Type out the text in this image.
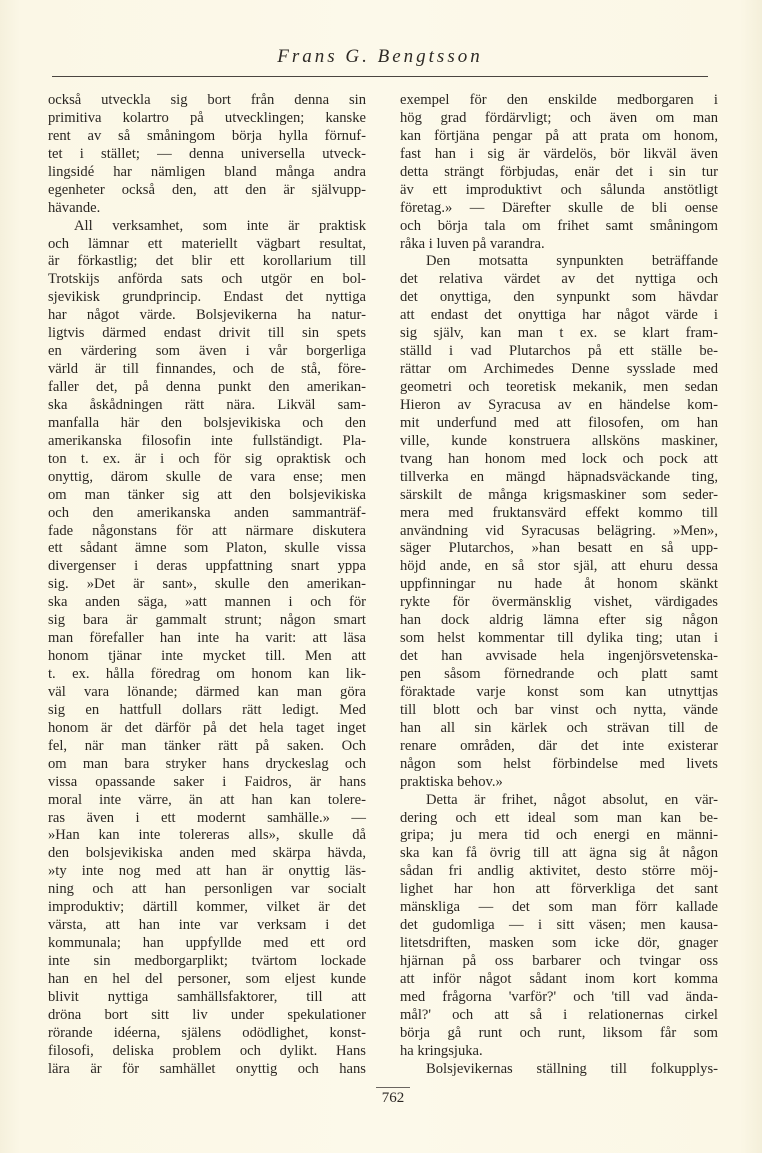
Frans G. Bengtsson
också utveckla sig bort från denna sin
primitiva kolartro på utvecklingen; kanske
rent av så småningom börja hylla förnuf-
tet i stället; — denna universella utveck-
lingsidé har nämligen bland många andra
egenheter också den, att den är självupp-
hävande.
All verksamhet, som inte är praktisk
och lämnar ett materiellt vägbart resultat,
är förkastlig; det blir ett korollarium till
Trotskijs anförda sats och utgör en bol-
sjevikisk grundprincip. Endast det nyttiga
har något värde. Bolsjevikerna ha natur-
ligtvis därmed endast drivit till sin spets
en värdering som även i vår borgerliga
värld är till finnandes, och de stå, före-
faller det, på denna punkt den amerikan-
ska åskådningen rätt nära. Likväl sam-
manfalla här den bolsjevikiska och den
amerikanska filosofin inte fullständigt. Pla-
ton t. ex. är i och för sig opraktisk och
onyttig, därom skulle de vara ense; men
om man tänker sig att den bolsjevikiska
och den amerikanska anden sammanträf-
fade någonstans för att närmare diskutera
ett sådant ämne som Platon, skulle vissa
divergenser i deras uppfattning snart yppa
sig. »Det är sant», skulle den amerikan-
ska anden säga, »att mannen i och för
sig bara är gammalt strunt; någon smart
man förefaller han inte ha varit: att läsa
honom tjänar inte mycket till. Men att
t. ex. hålla föredrag om honom kan lik-
väl vara lönande; därmed kan man göra
sig en hattfull dollars rätt ledigt. Med
honom är det därför på det hela taget inget
fel, när man tänker rätt på saken. Och
om man bara stryker hans dryckeslag och
vissa opassande saker i Faidros, är hans
moral inte värre, än att han kan tolere-
ras även i ett modernt samhälle.» —
»Han kan inte tolereras alls», skulle då
den bolsjevikiska anden med skärpa hävda,
»ty inte nog med att han är onyttig läs-
ning och att han personligen var socialt
improduktiv; därtill kommer, vilket är det
värsta, att han inte var verksam i det
kommunala; han uppfyllde med ett ord
inte sin medborgarplikt; tvärtom lockade
han en hel del personer, som eljest kunde
blivit nyttiga samhällsfaktorer, till att
dröna bort sitt liv under spekulationer
rörande idéerna, själens odödlighet, konst-
filosofi, deliska problem och dylikt. Hans
lära är för samhället onyttig och hans
exempel för den enskilde medborgaren i
hög grad fördärvligt; och även om man
kan förtjäna pengar på att prata om honom,
fast han i sig är värdelös, bör likväl även
detta strängt förbjudas, enär det i sin tur
äv ett improduktivt och sålunda anstötligt
företag.» — Därefter skulle de bli oense
och börja tala om frihet samt småningom
råka i luven på varandra.
Den motsatta synpunkten beträffande
det relativa värdet av det nyttiga och
det onyttiga, den synpunkt som hävdar
att endast det onyttiga har något värde i
sig själv, kan man t ex. se klart fram-
ställd i vad Plutarchos på ett ställe be-
rättar om Archimedes Denne sysslade med
geometri och teoretisk mekanik, men sedan
Hieron av Syracusa av en händelse kom-
mit underfund med att filosofen, om han
ville, kunde konstruera allsköns maskiner,
tvang han honom med lock och pock att
tillverka en mängd häpnadsväckande ting,
särskilt de många krigsmaskiner som seder-
mera med fruktansvärd effekt kommo till
användning vid Syracusas belägring. »Men»,
säger Plutarchos, »han besatt en så upp-
höjd ande, en så stor själ, att ehuru dessa
uppfinningar nu hade åt honom skänkt
rykte för övermänsklig vishet, värdigades
han dock aldrig lämna efter sig någon
som helst kommentar till dylika ting; utan i
det han avvisade hela ingenjörsvetenska-
pen såsom förnedrande och platt samt
föraktade varje konst som kan utnyttjas
till blott och bar vinst och nytta, vände
han all sin kärlek och strävan till de
renare områden, där det inte existerar
någon som helst förbindelse med livets
praktiska behov.»
Detta är frihet, något absolut, en vär-
dering och ett ideal som man kan be-
gripa; ju mera tid och energi en männi-
ska kan få övrig till att ägna sig åt någon
sådan fri andlig aktivitet, desto större möj-
lighet har hon att förverkliga det sant
mänskliga — det som man förr kallade
det gudomliga — i sitt väsen; men kausa-
litetsdriften, masken som icke dör, gnager
hjärnan på oss barbarer och tvingar oss
att inför något sådant inom kort komma
med frågorna 'varför?' och 'till vad ända-
mål?' och att så i relationernas cirkel
börja gå runt och runt, liksom får som
ha kringsjuka.
Bolsjevikernas ställning till folkupplys-
762
